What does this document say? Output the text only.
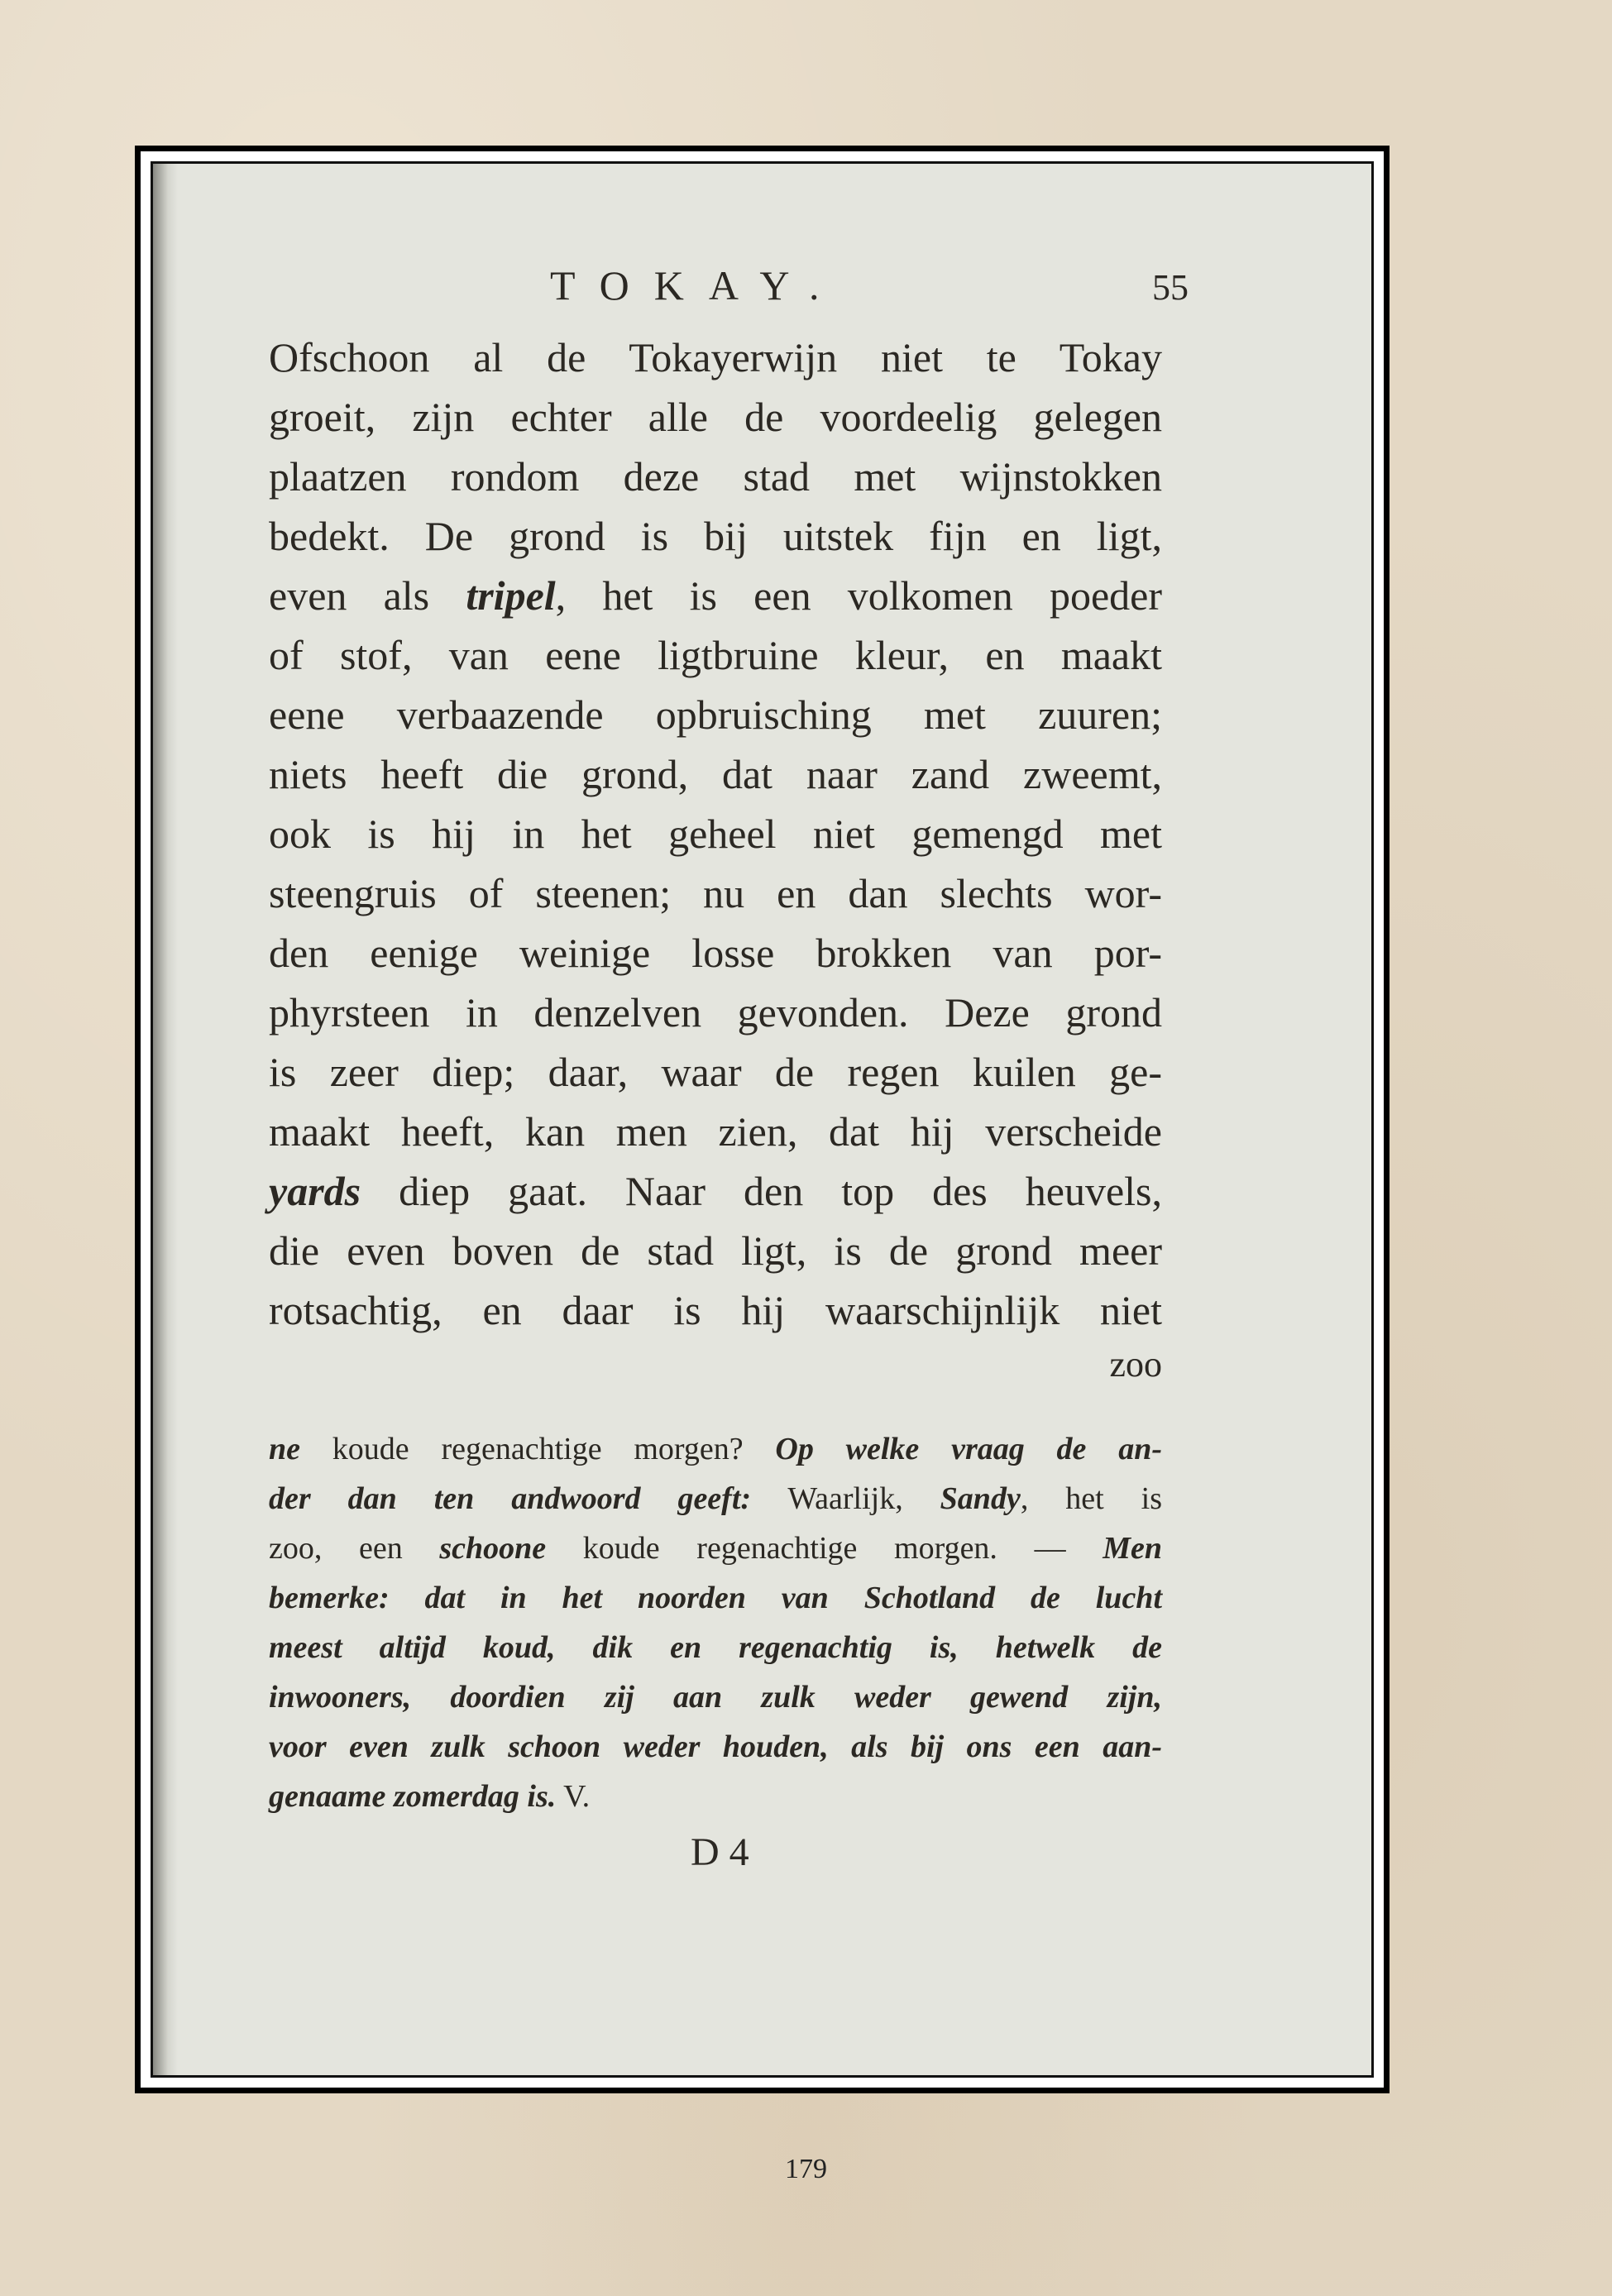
TOKAY.	55
Ofschoon al de Tokayerwijn niet te Tokay
groeit, zijn echter alle de voordeelig gelegen
plaatzen rondom deze stad met wijnstokken
bedekt. De grond is bij uitstek fijn en ligt,
even als tripel, het is een volkomen poeder
of stof, van eene ligtbruine kleur, en maakt
eene verbaazende opbruisching met zuuren;
niets heeft die grond, dat naar zand zweemt,
ook is hij in het geheel niet gemengd met
steengruis of steenen; nu en dan slechts wor-
den eenige weinige losse brokken van por-
phyrsteen in denzelven gevonden. Deze grond
is zeer diep; daar, waar de regen kuilen ge-
maakt heeft, kan men zien, dat hij verscheide
yards diep gaat. Naar den top des heuvels,
die even boven de stad ligt, is de grond meer
rotsachtig, en daar is hij waarschijnlijk niet
zoo
ne koude regenachtige morgen? Op welke vraag de an-
der dan ten andwoord geeft: Waarlijk, Sandy, het is
zoo, een schoone koude regenachtige morgen. — Men
bemerke: dat in het noorden van Schotland de lucht
meest altijd koud, dik en regenachtig is, hetwelk de
inwooners, doordien zij aan zulk weder gewend zijn,
voor even zulk schoon weder houden, als bij ons een aan-
genaame zomerdag is. V.
D 4
179
